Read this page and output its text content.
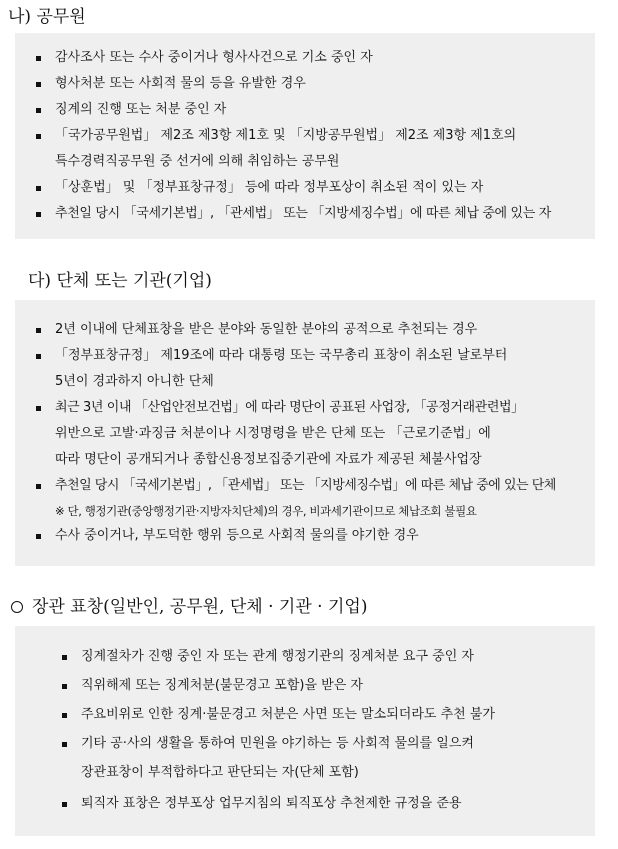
나) 공무원
감사조사 또는 수사 중이거나 형사사건으로 기소 중인 자
형사처분 또는 사회적 물의 등을 유발한 경우
징계의 진행 또는 처분 중인 자
「국가공무원법」 제2조 제3항 제1호 및 「지방공무원법」 제2조 제3항 제1호의
특수경력직공무원 중 선거에 의해 취임하는 공무원
「상훈법」 및 「정부표창규정」 등에 따라 정부포상이 취소된 적이 있는 자
추천일 당시 「국세기본법」, 「관세법」 또는 「지방세징수법」에 따른 체납 중에 있는 자
다) 단체 또는 기관(기업)
2년 이내에 단체표창을 받은 분야와 동일한 분야의 공적으로 추천되는 경우
「정부표창규정」 제19조에 따라 대통령 또는 국무총리 표창이 취소된 날로부터
5년이 경과하지 아니한 단체
최근 3년 이내 「산업안전보건법」에 따라 명단이 공표된 사업장, 「공정거래관련법」
위반으로 고발·과징금 처분이나 시정명령을 받은 단체 또는 「근로기준법」에
따라 명단이 공개되거나 종합신용정보집중기관에 자료가 제공된 체불사업장
추천일 당시 「국세기본법」, 「관세법」 또는 「지방세징수법」에 따른 체납 중에 있는 단체
※ 단, 행정기관(중앙행정기관·지방자치단체)의 경우, 비과세기관이므로 체납조회 불필요
수사 중이거나, 부도덕한 행위 등으로 사회적 물의를 야기한 경우
장관 표창(일반인, 공무원, 단체 · 기관 · 기업)
징계절차가 진행 중인 자 또는 관계 행정기관의 징계처분 요구 중인 자
직위해제 또는 징계처분(불문경고 포함)을 받은 자
주요비위로 인한 징계·불문경고 처분은 사면 또는 말소되더라도 추천 불가
기타 공·사의 생활을 통하여 민원을 야기하는 등 사회적 물의를 일으켜
장관표창이 부적합하다고 판단되는 자(단체 포함)
퇴직자 표창은 정부포상 업무지침의 퇴직포상 추천제한 규정을 준용
